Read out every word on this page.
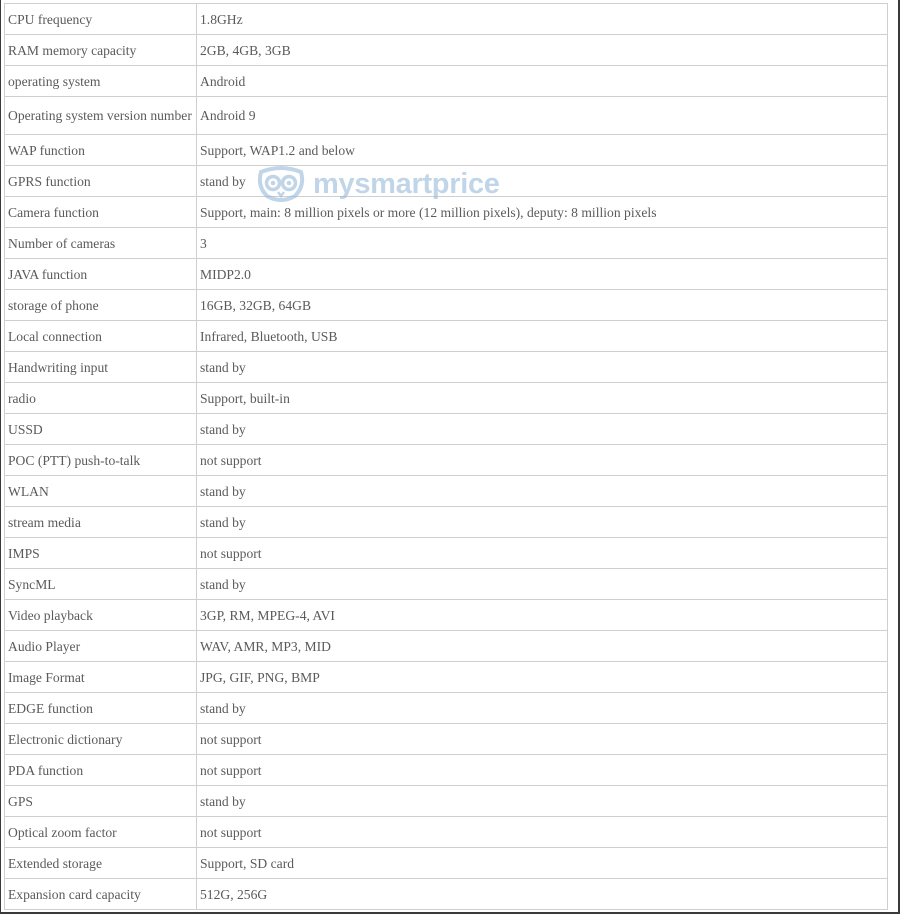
CPU frequency	1.8GHz
RAM memory capacity	2GB, 4GB, 3GB
operating system	Android
Operating system version number	Android 9
WAP function	Support, WAP1.2 and below
GPRS function	stand by
Camera function	Support, main: 8 million pixels or more (12 million pixels), deputy: 8 million pixels
Number of cameras	3
JAVA function	MIDP2.0
storage of phone	16GB, 32GB, 64GB
Local connection	Infrared, Bluetooth, USB
Handwriting input	stand by
radio	Support, built-in
USSD	stand by
POC (PTT) push-to-talk	not support
WLAN	stand by
stream media	stand by
IMPS	not support
SyncML	stand by
Video playback	3GP, RM, MPEG-4, AVI
Audio Player	WAV, AMR, MP3, MID
Image Format	JPG, GIF, PNG, BMP
EDGE function	stand by
Electronic dictionary	not support
PDA function	not support
GPS	stand by
Optical zoom factor	not support
Extended storage	Support, SD card
Expansion card capacity	512G, 256G
mysmartprice
